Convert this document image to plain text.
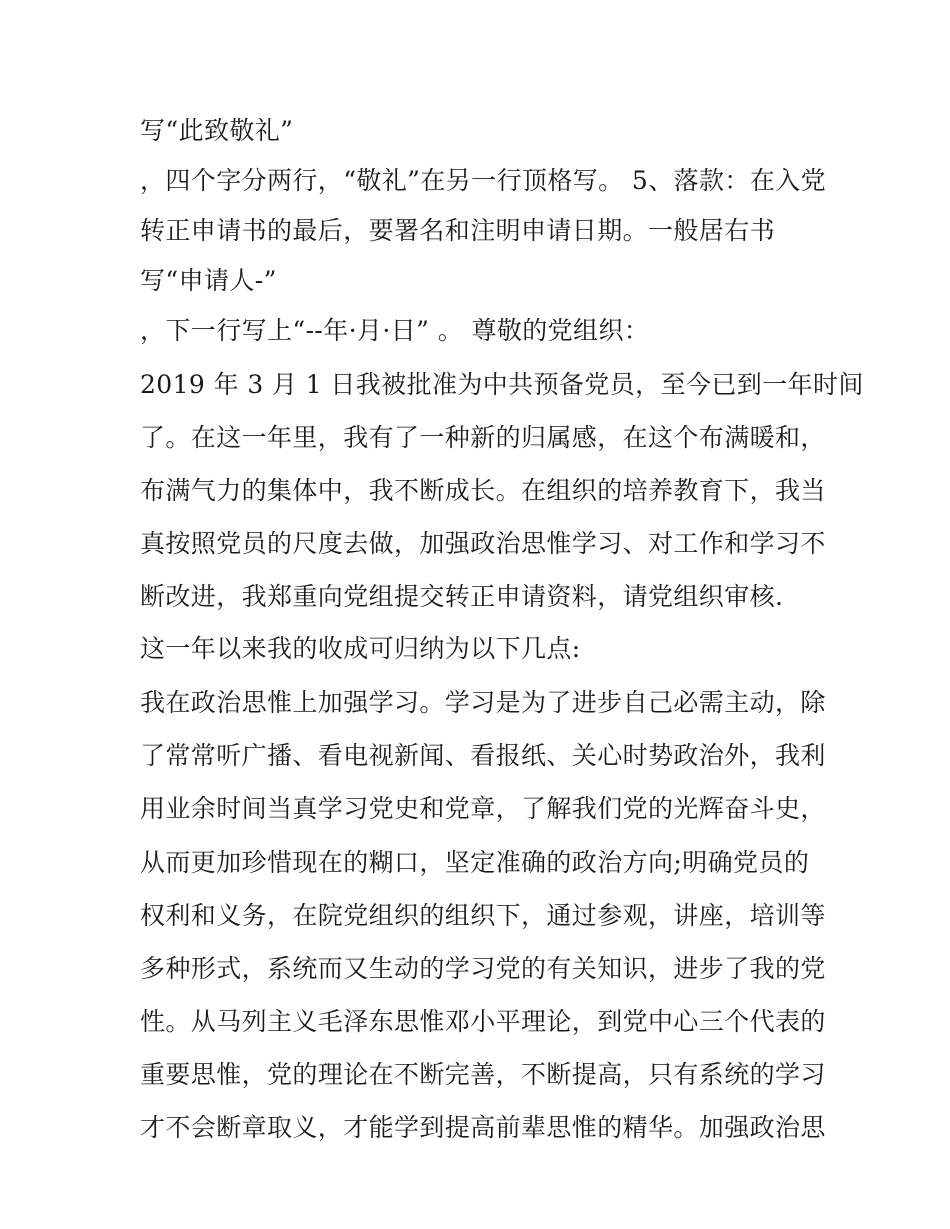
写“此致敬礼”

，四个字分两行，“敬礼”在另一行顶格写。 5、落款：在入党

转正申请书的最后，要署名和注明申请日期。一般居右书

写“申请人-”

，下一行写上“--年·月·日” 。 尊敬的党组织：

2019 年 3 月 1 日我被批准为中共预备党员，至今已到一年时间

了。在这一年里，我有了一种新的归属感，在这个布满暖和，

布满气力的集体中，我不断成长。在组织的培养教育下，我当

真按照党员的尺度去做，加强政治思惟学习、对工作和学习不

断改进，我郑重向党组提交转正申请资料，请党组织审核.

这一年以来我的收成可归纳为以下几点:

我在政治思惟上加强学习。学习是为了进步自己必需主动，除

了常常听广播、看电视新闻、看报纸、关心时势政治外，我利

用业余时间当真学习党史和党章，了解我们党的光辉奋斗史，

从而更加珍惜现在的糊口，坚定准确的政治方向;明确党员的

权利和义务，在院党组织的组织下，通过参观，讲座，培训等

多种形式，系统而又生动的学习党的有关知识，进步了我的党

性。从马列主义毛泽东思惟邓小平理论，到党中心三个代表的

重要思惟，党的理论在不断完善，不断提高，只有系统的学习

才不会断章取义，才能学到提高前辈思惟的精华。加强政治思
